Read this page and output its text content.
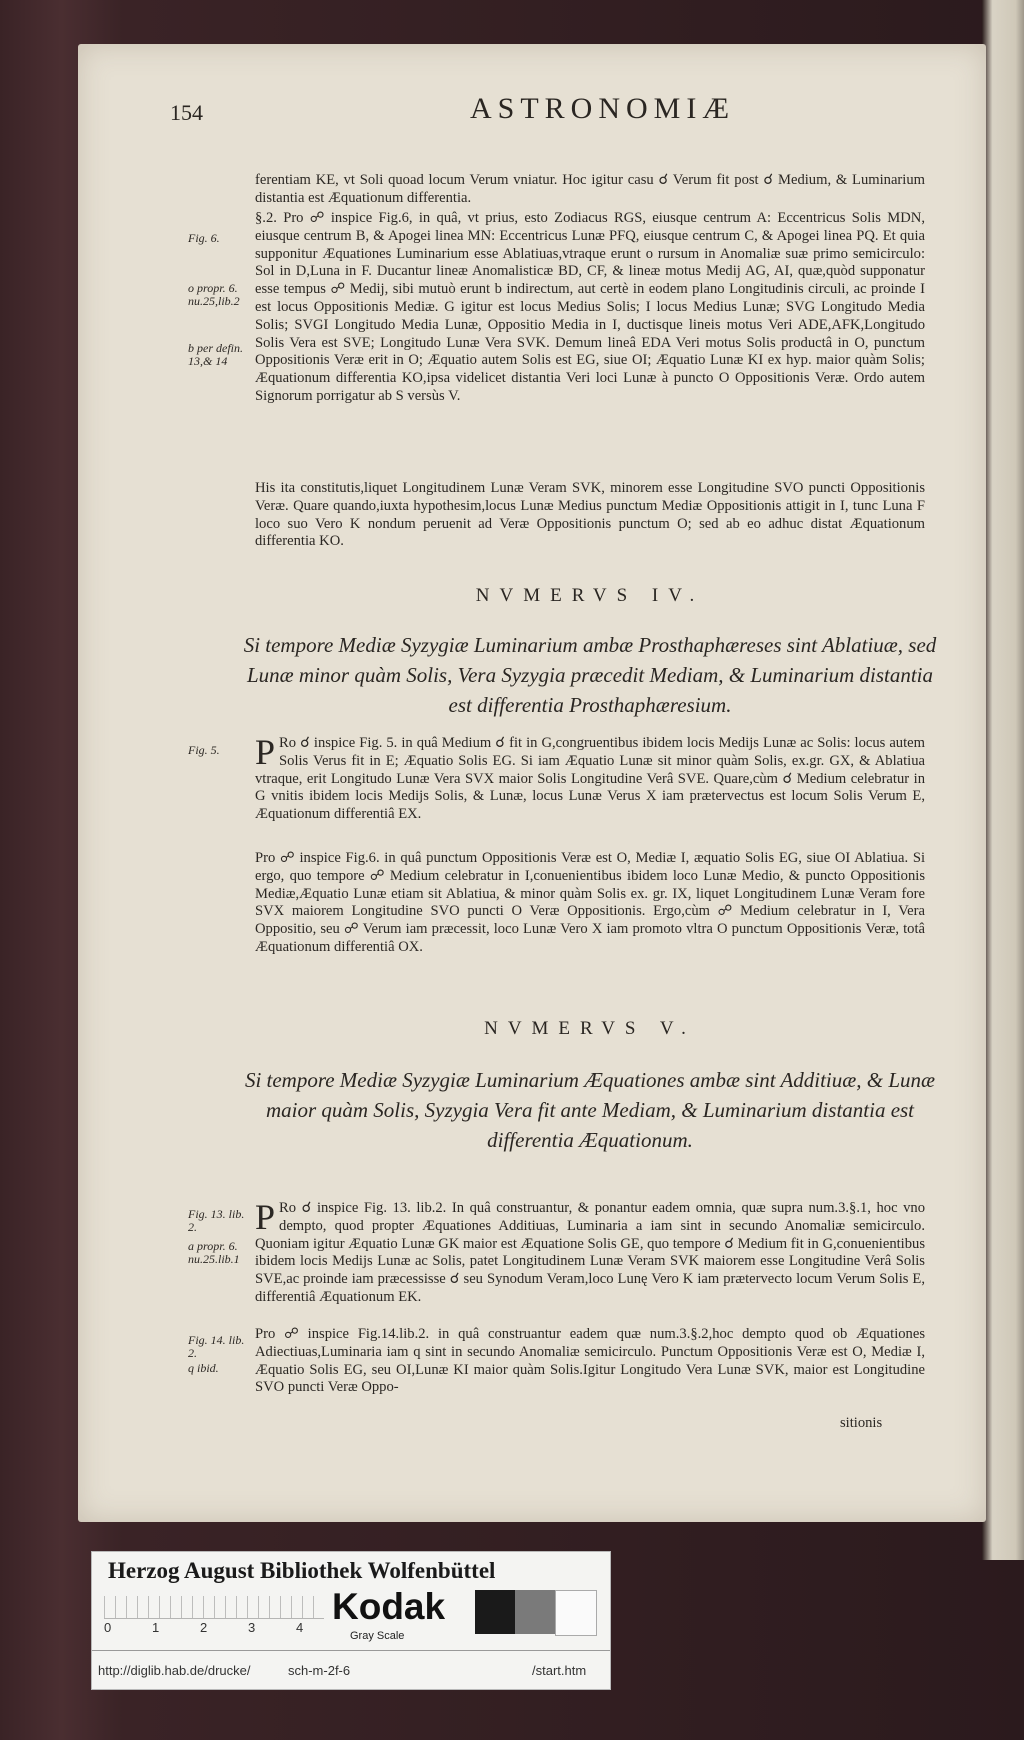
154	ASTRONOMIÆ
ferentiam KE, vt Soli quoad locum Verum vniatur. Hoc igitur casu ☌ Verum fit post ☌ Medium, & Luminarium distantia est Æquationum differentia.
Fig. 6.
§.2. Pro ☍ inspice Fig.6, in quâ, vt prius, esto Zodiacus RGS, eiusque centrum A: Eccentricus Solis MDN, eiusque centrum B, & Apogei linea MN: Eccentricus Lunæ PFQ, eiusque centrum C, & Apogei linea PQ. Et quia supponitur Æquationes Luminarium esse Ablatiuas,vtraque erunt o rursum in Anomaliæ suæ primo semicirculo: Sol in D,Luna in F. Ducantur lineæ Anomalisticæ BD, CF, & lineæ motus Medij AG, AI, quæ,quòd supponatur esse tempus ☍ Medij, sibi mutuò erunt b indirectum, aut certè in eodem plano Longitudinis circuli, ac proinde I est locus Oppositionis Mediæ. G igitur est locus Medius Solis; I locus Medius Lunæ; SVG Longitudo Media Solis; SVGI Longitudo Media Lunæ, Oppositio Media in I, ductisque lineis motus Veri ADE,AFK,Longitudo Solis Vera est SVE; Longitudo Lunæ Vera SVK. Demum lineâ EDA Veri motus Solis productâ in O, punctum Oppositionis Veræ erit in O; Æquatio autem Solis est EG, siue OI; Æquatio Lunæ KI ex hyp. maior quàm Solis; Æquationum differentia KO,ipsa videlicet distantia Veri loci Lunæ à puncto O Oppositionis Veræ. Ordo autem Signorum porrigatur ab S versùs V.
o propr. 6. nu.25,lib.2
b per defin. 13,& 14
His ita constitutis,liquet Longitudinem Lunæ Veram SVK, minorem esse Longitudine SVO puncti Oppositionis Veræ. Quare quando,iuxta hypothesim,locus Lunæ Medius punctum Mediæ Oppositionis attigit in I, tunc Luna F loco suo Vero K nondum peruenit ad Veræ Oppositionis punctum O; sed ab eo adhuc distat Æquationum differentia KO.
NVMERVS IV.
Si tempore Mediæ Syzygiæ Luminarium ambæ Prosthaphæreses sint Ablatiuæ, sed Lunæ minor quàm Solis, Vera Syzygia præcedit Mediam, & Luminarium distantia est differentia Prosthaphæresium.
Fig. 5. P Ro ☌ inspice Fig. 5. in quâ Medium ☌ fit in G,congruentibus ibidem locis Medijs Lunæ ac Solis: locus autem Solis Verus fit in E; Æquatio Solis EG. Si iam Æquatio Lunæ sit minor quàm Solis, ex.gr. GX, & Ablatiua vtraque, erit Longitudo Lunæ Vera SVX maior Solis Longitudine Verâ SVE. Quare,cùm ☌ Medium celebratur in G vnitis ibidem locis Medijs Solis, & Lunæ, locus Lunæ Verus X iam prætervectus est locum Solis Verum E, Æquationum differentiâ EX.
Pro ☍ inspice Fig.6. in quâ punctum Oppositionis Veræ est O, Mediæ I, æquatio Solis EG, siue OI Ablatiua. Si ergo, quo tempore ☍ Medium celebratur in I,conuenientibus ibidem loco Lunæ Medio, & puncto Oppositionis Mediæ,Æquatio Lunæ etiam sit Ablatiua, & minor quàm Solis ex. gr. IX, liquet Longitudinem Lunæ Veram fore SVX maiorem Longitudine SVO puncti O Veræ Oppositionis. Ergo,cùm ☍ Medium celebratur in I, Vera Oppositio, seu ☍ Verum iam præcessit, loco Lunæ Vero X iam promoto vltra O punctum Oppositionis Veræ, totâ Æquationum differentiâ OX.
NVMERVS V.
Si tempore Mediæ Syzygiæ Luminarium Æquationes ambæ sint Additiuæ, & Lunæ maior quàm Solis, Syzygia Vera fit ante Mediam, & Luminarium distantia est differentia Æquationum.
Fig. 13. lib. 2.
a propr. 6. nu.25.lib.1
P Ro ☌ inspice Fig. 13. lib.2. In quâ construantur, & ponantur eadem omnia, quæ supra num.3.§.1, hoc vno dempto, quod propter Æquationes Additiuas, Luminaria a iam sint in secundo Anomaliæ semicirculo. Quoniam igitur Æquatio Lunæ GK maior est Æquatione Solis GE, quo tempore ☌ Medium fit in G,conuenientibus ibidem locis Medijs Lunæ ac Solis, patet Longitudinem Lunæ Veram SVK maiorem esse Longitudine Verâ Solis SVE,ac proinde iam præcessisse ☌ seu Synodum Veram,loco Lunę Vero K iam prætervecto locum Verum Solis E, differentiâ Æquationum EK.
Fig. 14. lib. 2.
q ibid.
Pro ☍ inspice Fig.14.lib.2. in quâ construantur eadem quæ num.3.§.2,hoc dempto quod ob Æquationes Adiectiuas,Luminaria iam q sint in secundo Anomaliæ semicirculo. Punctum Oppositionis Veræ est O, Mediæ I, Æquatio Solis EG, seu OI,Lunæ KI maior quàm Solis.Igitur Longitudo Vera Lunæ SVK, maior est Longitudine SVO puncti Veræ Oppo-
sitionis
Herzog August Bibliothek Wolfenbüttel
0	1	2	3	4
Kodak
Gray Scale
http://diglib.hab.de/drucke/	sch-m-2f-6	/start.htm
